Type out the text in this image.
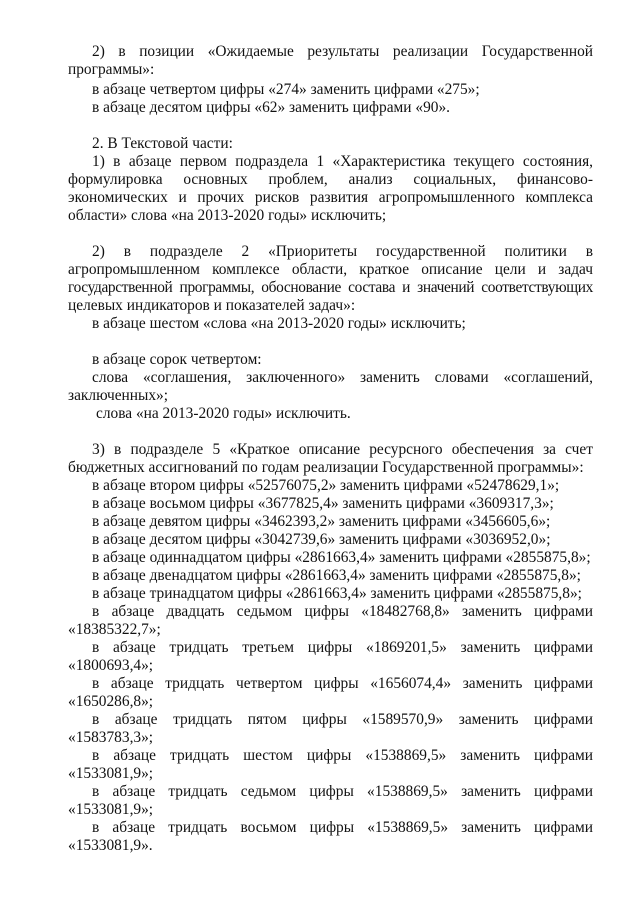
2) в позиции «Ожидаемые результаты реализации Государственной
программы»:
в абзаце четвертом цифры «274» заменить цифрами «275»;
в абзаце десятом цифры «62» заменить цифрами «90».
2. В Текстовой части:
1) в абзаце первом подраздела 1 «Характеристика текущего состояния,
формулировка основных проблем, анализ социальных, финансово-
экономических и прочих рисков развития агропромышленного комплекса
области» слова «на 2013-2020 годы» исключить;
2) в подразделе 2 «Приоритеты государственной политики в
агропромышленном комплексе области, краткое описание цели и задач
государственной программы, обоснование состава и значений соответствующих
целевых индикаторов и показателей задач»:
в абзаце шестом «слова «на 2013-2020 годы» исключить;
в абзаце сорок четвертом:
слова «соглашения, заключенного» заменить словами «соглашений,
заключенных»;
слова «на 2013-2020 годы» исключить.
3) в подразделе 5 «Краткое описание ресурсного обеспечения за счет
бюджетных ассигнований по годам реализации Государственной программы»:
в абзаце втором цифры «52576075,2» заменить цифрами «52478629,1»;
в абзаце восьмом цифры «3677825,4» заменить цифрами «3609317,3»;
в абзаце девятом цифры «3462393,2» заменить цифрами «3456605,6»;
в абзаце десятом цифры «3042739,6» заменить цифрами «3036952,0»;
в абзаце одиннадцатом цифры «2861663,4» заменить цифрами «2855875,8»;
в абзаце двенадцатом цифры «2861663,4» заменить цифрами «2855875,8»;
в абзаце тринадцатом цифры «2861663,4» заменить цифрами «2855875,8»;
в абзаце двадцать седьмом цифры «18482768,8» заменить цифрами
«18385322,7»;
в абзаце тридцать третьем цифры «1869201,5» заменить цифрами
«1800693,4»;
в абзаце тридцать четвертом цифры «1656074,4» заменить цифрами
«1650286,8»;
в абзаце тридцать пятом цифры «1589570,9» заменить цифрами
«1583783,3»;
в абзаце тридцать шестом цифры «1538869,5» заменить цифрами
«1533081,9»;
в абзаце тридцать седьмом цифры «1538869,5» заменить цифрами
«1533081,9»;
в абзаце тридцать восьмом цифры «1538869,5» заменить цифрами
«1533081,9».
